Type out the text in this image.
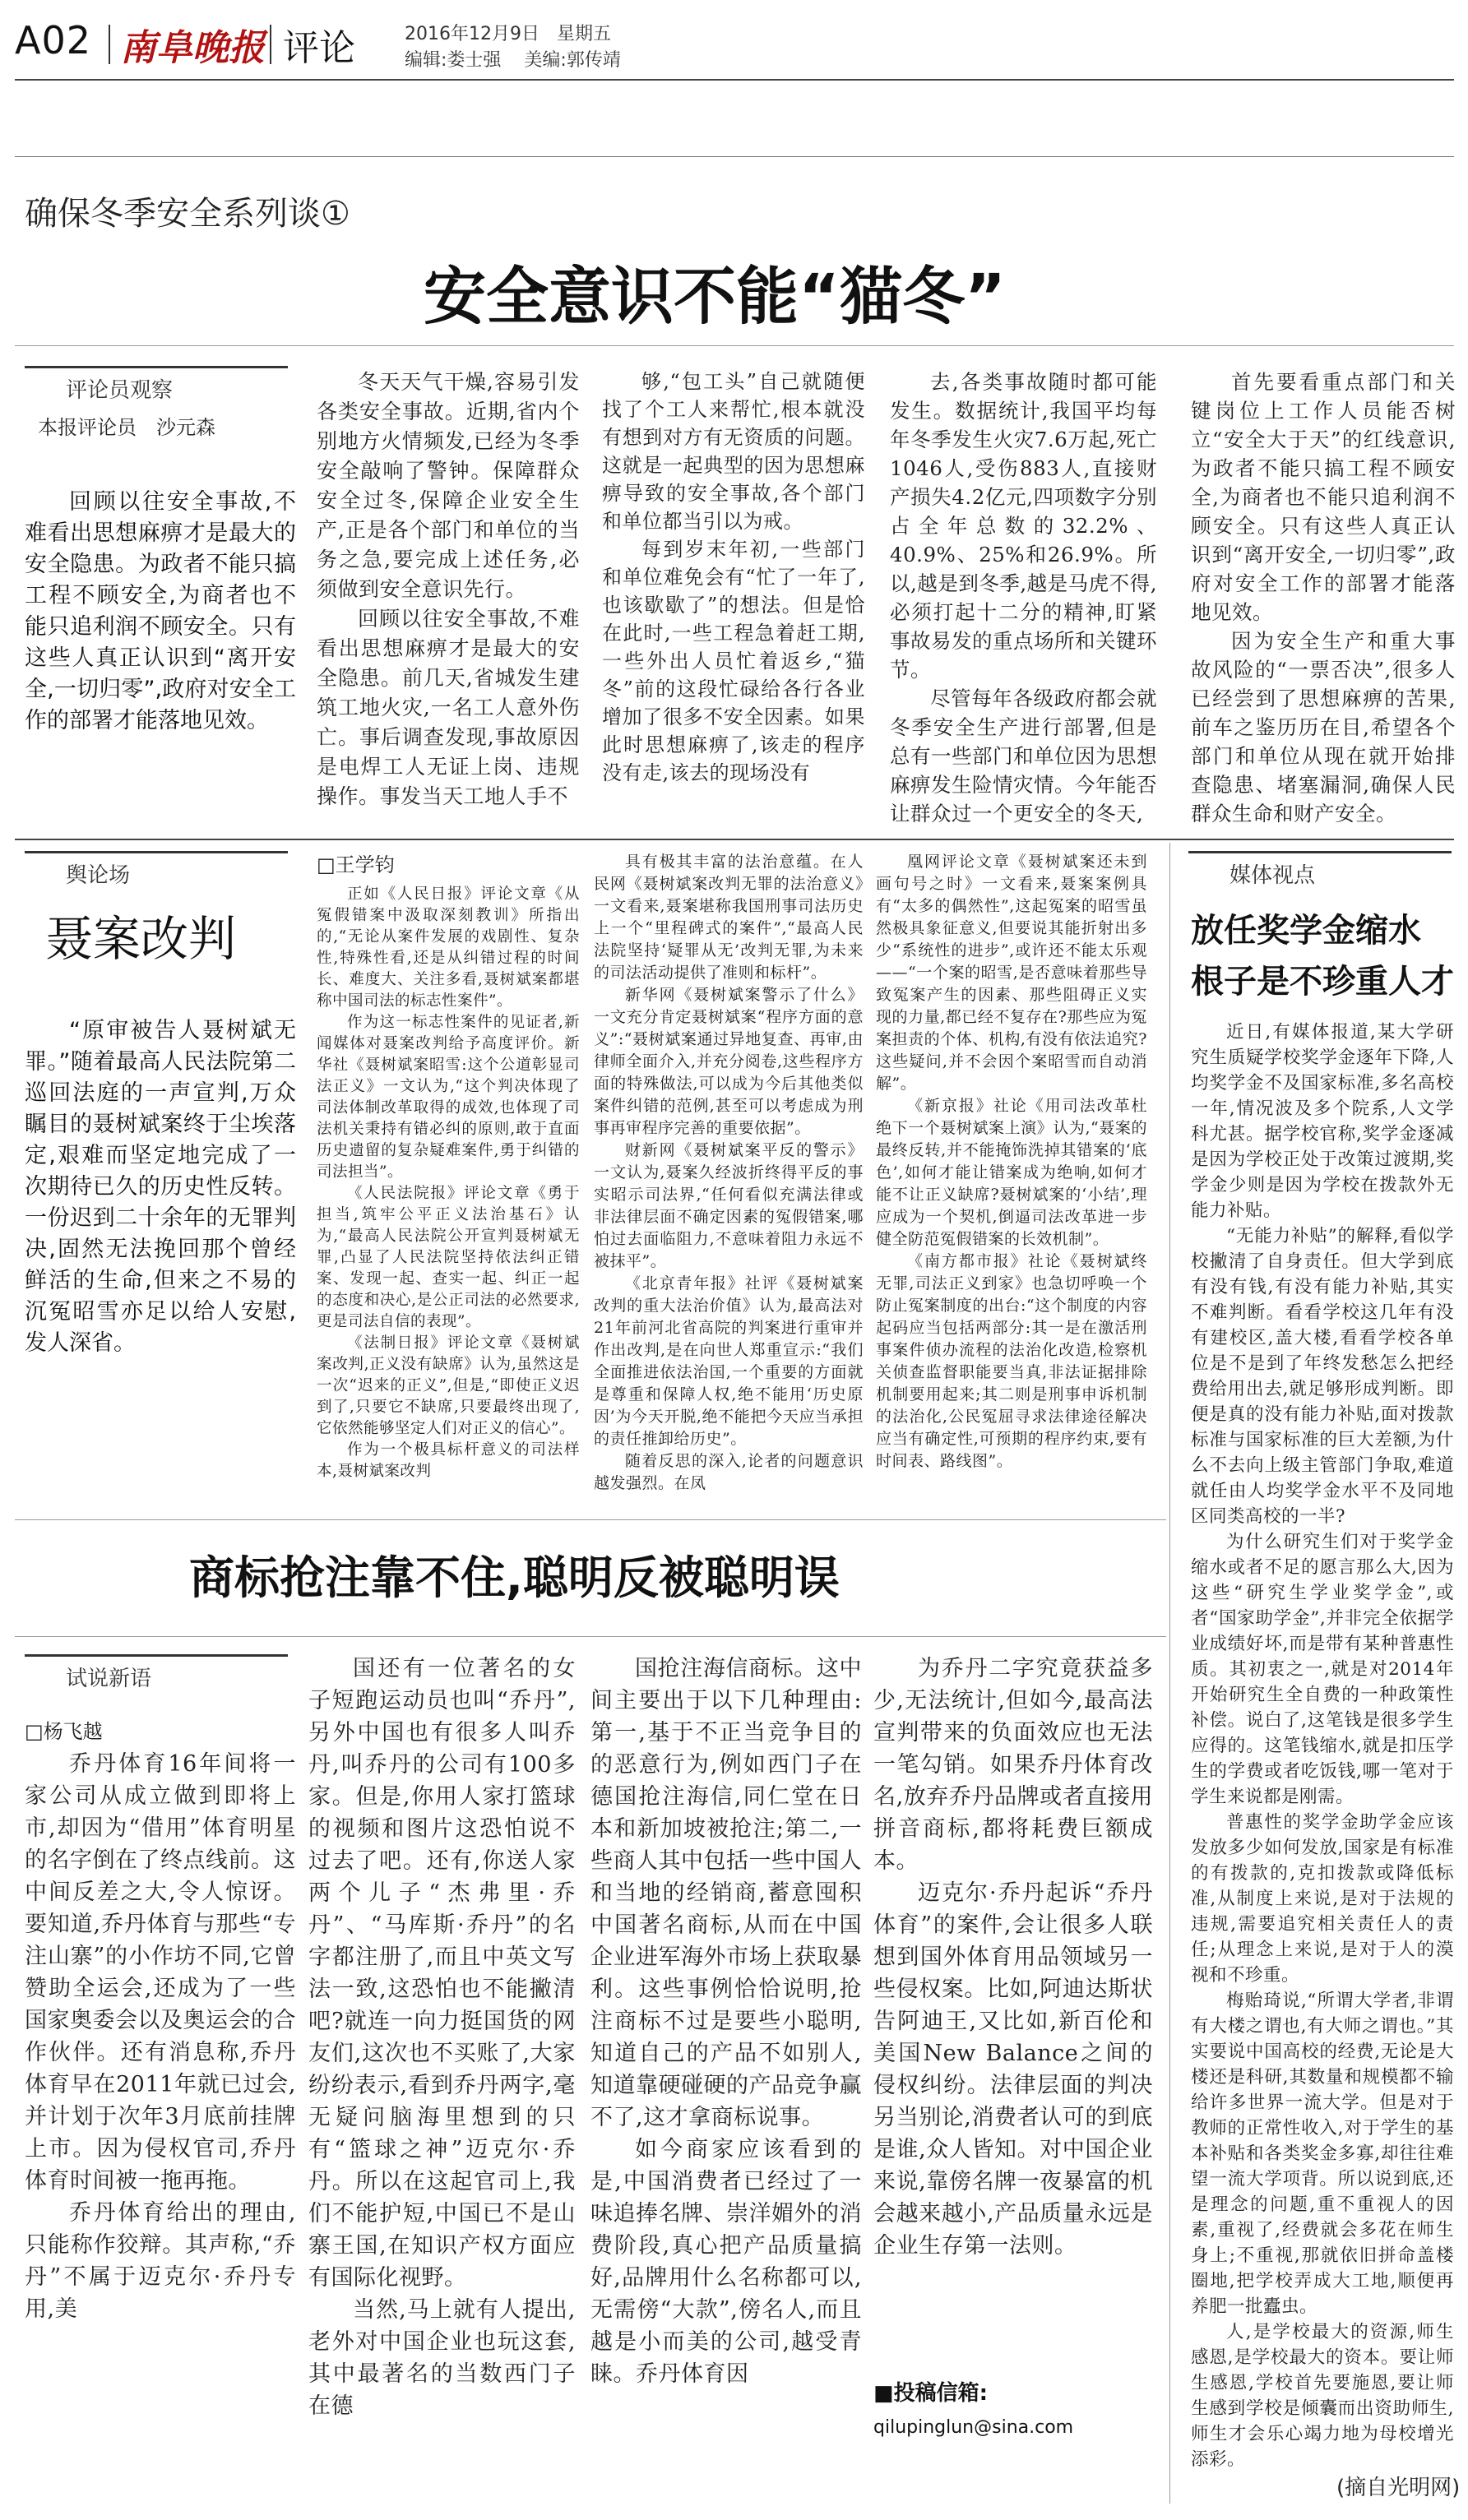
A02 南阜晚报 评论	2016年12月9日 星期五
编辑:娄士强 美编:郭传靖
确保冬季安全系列谈①
安全意识不能“猫冬”
评论员观察
本报评论员　沙元森

回顾以往安全事故,不难看出思想麻痹才是最大的安全隐患。为政者不能只搞工程不顾安全,为商者也不能只追利润不顾安全。只有这些人真正认识到“离开安全,一切归零”,政府对安全工作的部署才能落地见效。

冬天天气干燥,容易引发各类安全事故。近期,省内个别地方火情频发,已经为冬季安全敲响了警钟。保障群众安全过冬,保障企业安全生产,正是各个部门和单位的当务之急,要完成上述任务,必须做到安全意识先行。

回顾以往安全事故,不难看出思想麻痹才是最大的安全隐患。前几天,省城发生建筑工地火灾,一名工人意外伤亡。事后调查发现,事故原因是电焊工人无证上岗、违规操作。事发当天工地人手不

够,“包工头”自己就随便找了个工人来帮忙,根本就没有想到对方有无资质的问题。这就是一起典型的因为思想麻痹导致的安全事故,各个部门和单位都当引以为戒。

每到岁末年初,一些部门和单位难免会有“忙了一年了,也该歇歇了”的想法。但是恰在此时,一些工程急着赶工期,一些外出人员忙着返乡,“猫冬”前的这段忙碌给各行各业增加了很多不安全因素。如果此时思想麻痹了,该走的程序没有走,该去的现场没有

去,各类事故随时都可能发生。数据统计,我国平均每年冬季发生火灾7.6万起,死亡1046人,受伤883人,直接财产损失4.2亿元,四项数字分别占全年总数的32.2%、40.9%、25%和26.9%。所以,越是到冬季,越是马虎不得,必须打起十二分的精神,盯紧事故易发的重点场所和关键环节。

尽管每年各级政府都会就冬季安全生产进行部署,但是总有一些部门和单位因为思想麻痹发生险情灾情。今年能否让群众过一个更安全的冬天,

首先要看重点部门和关键岗位上工作人员能否树立“安全大于天”的红线意识,为政者不能只搞工程不顾安全,为商者也不能只追利润不顾安全。只有这些人真正认识到“离开安全,一切归零”,政府对安全工作的部署才能落地见效。

因为安全生产和重大事故风险的“一票否决”,很多人已经尝到了思想麻痹的苦果,前车之鉴历历在目,希望各个部门和单位从现在就开始排查隐患、堵塞漏洞,确保人民群众生命和财产安全。

舆论场
聂案改判

“原审被告人聂树斌无罪。”随着最高人民法院第二巡回法庭的一声宣判,万众瞩目的聂树斌案终于尘埃落定,艰难而坚定地完成了一次期待已久的历史性反转。一份迟到二十余年的无罪判决,固然无法挽回那个曾经鲜活的生命,但来之不易的沉冤昭雪亦足以给人安慰,发人深省。

□王学钧

正如《人民日报》评论文章《从冤假错案中汲取深刻教训》所指出的,“无论从案件发展的戏剧性、复杂性,特殊性看,还是从纠错过程的时间长、难度大、关注多看,聂树斌案都堪称中国司法的标志性案件”。

作为这一标志性案件的见证者,新闻媒体对聂案改判给予高度评价。新华社《聂树斌案昭雪:这个公道彰显司法正义》一文认为,“这个判决体现了司法体制改革取得的成效,也体现了司法机关秉持有错必纠的原则,敢于直面历史遗留的复杂疑难案件,勇于纠错的司法担当”。

《人民法院报》评论文章《勇于担当,筑牢公平正义法治基石》认为,“最高人民法院公开宣判聂树斌无罪,凸显了人民法院坚持依法纠正错案、发现一起、查实一起、纠正一起的态度和决心,是公正司法的必然要求,更是司法自信的表现”。

《法制日报》评论文章《聂树斌案改判,正义没有缺席》认为,虽然这是一次“迟来的正义”,但是,“即使正义迟到了,只要它不缺席,只要最终出现了,它依然能够坚定人们对正义的信心”。

作为一个极具标杆意义的司法样本,聂树斌案改判

具有极其丰富的法治意蕴。在人民网《聂树斌案改判无罪的法治意义》一文看来,聂案堪称我国刑事司法历史上一个“里程碑式的案件”,“最高人民法院坚持‘疑罪从无’改判无罪,为未来的司法活动提供了准则和标杆”。

新华网《聂树斌案警示了什么》一文充分肯定聂树斌案“程序方面的意义”:“聂树斌案通过异地复查、再审,由律师全面介入,并充分阅卷,这些程序方面的特殊做法,可以成为今后其他类似案件纠错的范例,甚至可以考虑成为刑事再审程序完善的重要依据”。

财新网《聂树斌案平反的警示》一文认为,聂案久经波折终得平反的事实昭示司法界,“任何看似充满法律或非法律层面不确定因素的冤假错案,哪怕过去面临阻力,不意味着阻力永远不被抹平”。

《北京青年报》社评《聂树斌案改判的重大法治价值》认为,最高法对21年前河北省高院的判案进行重审并作出改判,是在向世人郑重宣示:“我们全面推进依法治国,一个重要的方面就是尊重和保障人权,绝不能用‘历史原因’为今天开脱,绝不能把今天应当承担的责任推卸给历史”。

随着反思的深入,论者的问题意识越发强烈。在凤

凰网评论文章《聂树斌案还未到画句号之时》一文看来,聂案案例具有“太多的偶然性”,这起冤案的昭雪虽然极具象征意义,但要说其能折射出多少“系统性的进步”,或许还不能太乐观——“一个案的昭雪,是否意味着那些导致冤案产生的因素、那些阻碍正义实现的力量,都已经不复存在?那些应为冤案担责的个体、机构,有没有依法追究?这些疑问,并不会因个案昭雪而自动消解”。

《新京报》社论《用司法改革杜绝下一个聂树斌案上演》认为,“聂案的最终反转,并不能掩饰洗掉其错案的‘底色’,如何才能让错案成为绝响,如何才能不让正义缺席?聂树斌案的‘小结’,理应成为一个契机,倒逼司法改革进一步健全防范冤假错案的长效机制”。

《南方都市报》社论《聂树斌终无罪,司法正义到家》也急切呼唤一个防止冤案制度的出台:“这个制度的内容起码应当包括两部分:其一是在激活刑事案件侦办流程的法治化改造,检察机关侦查监督职能要当真,非法证据排除机制要用起来;其二则是刑事申诉机制的法治化,公民冤屈寻求法律途径解决应当有确定性,可预期的程序约束,要有时间表、路线图”。

媒体视点
放任奖学金缩水
根子是不珍重人才

近日,有媒体报道,某大学研究生质疑学校奖学金逐年下降,人均奖学金不及国家标准,多名高校一年,情况波及多个院系,人文学科尤甚。据学校官称,奖学金逐减是因为学校正处于改策过渡期,奖学金少则是因为学校在拨款外无能力补贴。

“无能力补贴”的解释,看似学校撇清了自身责任。但大学到底有没有钱,有没有能力补贴,其实不难判断。看看学校这几年有没有建校区,盖大楼,看看学校各单位是不是到了年终发愁怎么把经费给用出去,就足够形成判断。即便是真的没有能力补贴,面对拨款标准与国家标准的巨大差额,为什么不去向上级主管部门争取,难道就任由人均奖学金水平不及同地区同类高校的一半?

为什么研究生们对于奖学金缩水或者不足的愿言那么大,因为这些“研究生学业奖学金”,或者“国家助学金”,并非完全依据学业成绩好坏,而是带有某种普惠性质。其初衷之一,就是对2014年开始研究生全自费的一种政策性补偿。说白了,这笔钱是很多学生应得的。这笔钱缩水,就是扣压学生的学费或者吃饭钱,哪一笔对于学生来说都是刚需。

普惠性的奖学金助学金应该发放多少如何发放,国家是有标准的有拨款的,克扣拨款或降低标准,从制度上来说,是对于法规的违规,需要追究相关责任人的责任;从理念上来说,是对于人的漠视和不珍重。

梅贻琦说,“所谓大学者,非谓有大楼之谓也,有大师之谓也。”其实要说中国高校的经费,无论是大楼还是科研,其数量和规模都不输给许多世界一流大学。但是对于教师的正常性收入,对于学生的基本补贴和各类奖金多寡,却往往难望一流大学项背。所以说到底,还是理念的问题,重不重视人的因素,重视了,经费就会多花在师生身上;不重视,那就依旧拼命盖楼圈地,把学校弄成大工地,顺便再养肥一批蠹虫。

人,是学校最大的资源,师生感恩,是学校最大的资本。要让师生感恩,学校首先要施恩,要让师生感到学校是倾囊而出资助师生,师生才会乐心竭力地为母校增光添彩。

(摘自光明网)
商标抢注靠不住,聪明反被聪明误
试说新语
□杨飞越

乔丹体育16年间将一家公司从成立做到即将上市,却因为“借用”体育明星的名字倒在了终点线前。这中间反差之大,令人惊讶。要知道,乔丹体育与那些“专注山寨”的小作坊不同,它曾赞助全运会,还成为了一些国家奥委会以及奥运会的合作伙伴。还有消息称,乔丹体育早在2011年就已过会,并计划于次年3月底前挂牌上市。因为侵权官司,乔丹体育时间被一拖再拖。

乔丹体育给出的理由,只能称作狡辩。其声称,“乔丹”不属于迈克尔·乔丹专用,美

国还有一位著名的女子短跑运动员也叫“乔丹”,另外中国也有很多人叫乔丹,叫乔丹的公司有100多家。但是,你用人家打篮球的视频和图片这恐怕说不过去了吧。还有,你送人家两个儿子“杰弗里·乔丹”、“马库斯·乔丹”的名字都注册了,而且中英文写法一致,这恐怕也不能撇清吧?就连一向力挺国货的网友们,这次也不买账了,大家纷纷表示,看到乔丹两字,毫无疑问脑海里想到的只有“篮球之神”迈克尔·乔丹。所以在这起官司上,我们不能护短,中国已不是山寨王国,在知识产权方面应有国际化视野。

当然,马上就有人提出,老外对中国企业也玩这套,其中最著名的当数西门子在德

国抢注海信商标。这中间主要出于以下几种理由:第一,基于不正当竞争目的的恶意行为,例如西门子在德国抢注海信,同仁堂在日本和新加坡被抢注;第二,一些商人其中包括一些中国人和当地的经销商,蓄意囤积中国著名商标,从而在中国企业进军海外市场上获取暴利。这些事例恰恰说明,抢注商标不过是要些小聪明,知道自己的产品不如别人,知道靠硬碰硬的产品竞争赢不了,这才拿商标说事。

如今商家应该看到的是,中国消费者已经过了一味追捧名牌、崇洋媚外的消费阶段,真心把产品质量搞好,品牌用什么名称都可以,无需傍“大款”,傍名人,而且越是小而美的公司,越受青睐。乔丹体育因

为乔丹二字究竟获益多少,无法统计,但如今,最高法宣判带来的负面效应也无法一笔勾销。如果乔丹体育改名,放弃乔丹品牌或者直接用拼音商标,都将耗费巨额成本。

迈克尔·乔丹起诉“乔丹体育”的案件,会让很多人联想到国外体育用品领域另一些侵权案。比如,阿迪达斯状告阿迪王,又比如,新百伦和美国New Balance之间的侵权纠纷。法律层面的判决另当别论,消费者认可的到底是谁,众人皆知。对中国企业来说,靠傍名牌一夜暴富的机会越来越小,产品质量永远是企业生存第一法则。

■投稿信箱:
qilupinglun@sina.com
